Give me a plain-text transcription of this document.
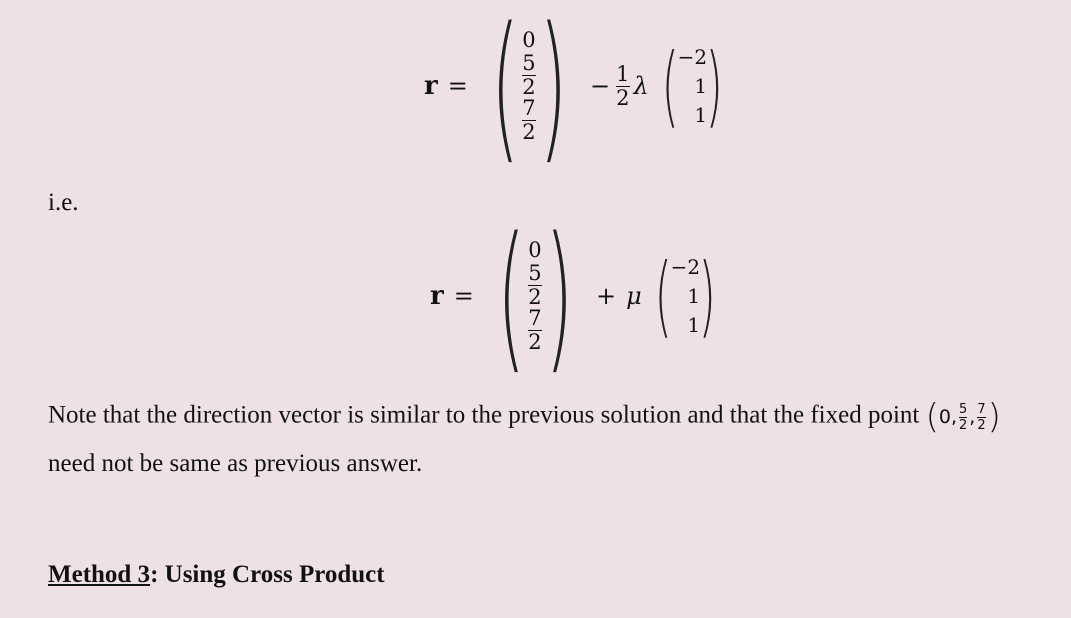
r = ( 0
$\frac{5}{2}$
$\frac{7}{2}$ ) − $\frac{1}{2}$ λ ( −2
1
1
)
i.e.
r = ( 0
$\frac{5}{2}$
$\frac{7}{2}$ ) + μ ( −2
1
1
)
Note that the direction vector is similar to the previous solution and that the fixed point ( 0, $\frac{5}{2}$ , $\frac{7}{2}$ )
need not be same as previous answer.
Method 3: Using Cross Product
